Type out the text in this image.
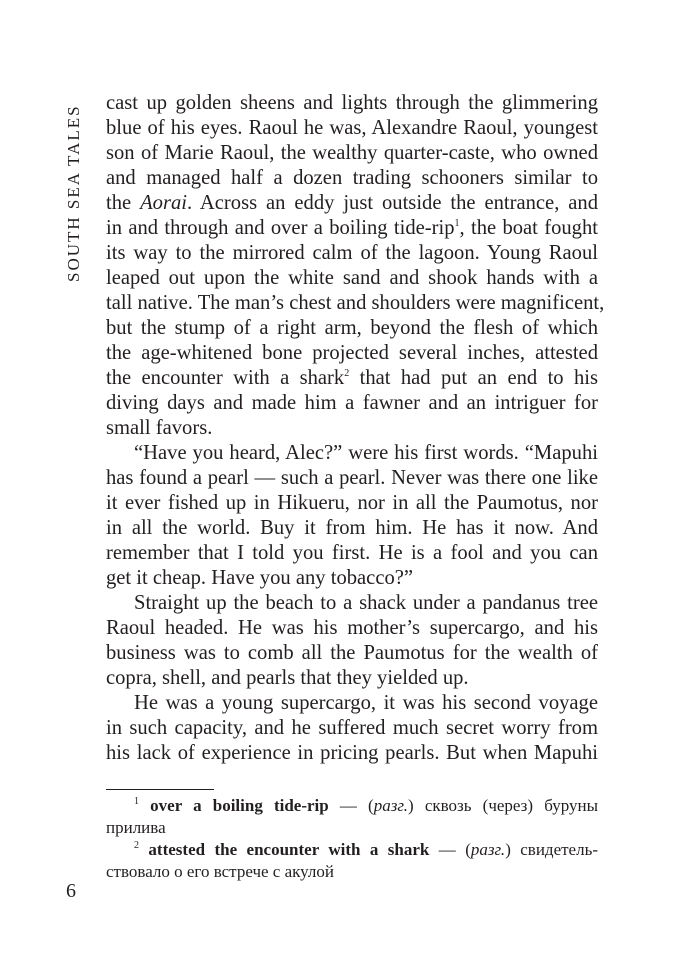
SOUTH SEA TALES
cast up golden sheens and lights through the glimmering
blue of his eyes. Raoul he was, Alexandre Raoul, youngest
son of Marie Raoul, the wealthy quarter-caste, who owned
and managed half a dozen trading schooners similar to
the Aorai. Across an eddy just outside the entrance, and
in and through and over a boiling tide-rip$^1$, the boat fought
its way to the mirrored calm of the lagoon. Young Raoul
leaped out upon the white sand and shook hands with a
tall native. The man’s chest and shoulders were magnificent,
but the stump of a right arm, beyond the flesh of which
the age-whitened bone projected several inches, attested
the encounter with a shark$^2$ that had put an end to his
diving days and made him a fawner and an intriguer for
small favors.
“Have you heard, Alec?” were his first words. “Mapuhi
has found a pearl — such a pearl. Never was there one like
it ever fished up in Hikueru, nor in all the Paumotus, nor
in all the world. Buy it from him. He has it now. And
remember that I told you first. He is a fool and you can
get it cheap. Have you any tobacco?”
Straight up the beach to a shack under a pandanus tree
Raoul headed. He was his mother’s supercargo, and his
business was to comb all the Paumotus for the wealth of
copra, shell, and pearls that they yielded up.
He was a young supercargo, it was his second voyage
in such capacity, and he suffered much secret worry from
his lack of experience in pricing pearls. But when Mapuhi
$^1$ over a boiling tide-rip — (разг.) сквозь (через) буруны
прилива
$^2$ attested the encounter with a shark — (разг.) свидетель-
ствовало о его встрече с акулой
6
